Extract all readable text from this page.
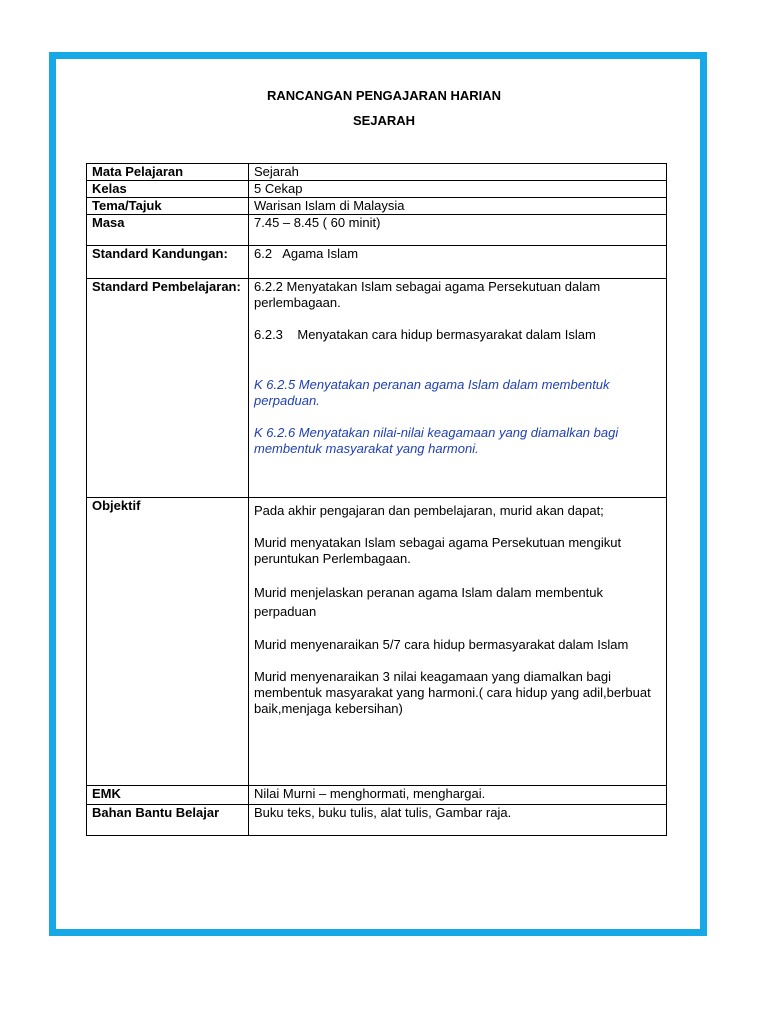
RANCANGAN PENGAJARAN HARIAN
SEJARAH
Mata Pelajaran	Sejarah
Kelas	5 Cekap
Tema/Tajuk	Warisan Islam di Malaysia
Masa	7.45 – 8.45 ( 60 minit)
Standard Kandungan:	6.2   Agama Islam
Standard Pembelajaran:	6.2.2 Menyatakan Islam sebagai agama Persekutuan dalam perlembagaan.
6.2.3    Menyatakan cara hidup bermasyarakat dalam Islam
K 6.2.5 Menyatakan peranan agama Islam dalam membentuk perpaduan.
K 6.2.6 Menyatakan nilai-nilai keagamaan yang diamalkan bagi membentuk masyarakat yang harmoni.

Objektif	Pada akhir pengajaran dan pembelajaran, murid akan dapat;
Murid menyatakan Islam sebagai agama Persekutuan mengikut peruntukan Perlembagaan.
Murid menjelaskan peranan agama Islam dalam membentuk perpaduan
Murid menyenaraikan 5/7 cara hidup bermasyarakat dalam Islam
Murid menyenaraikan 3 nilai keagamaan yang diamalkan bagi membentuk masyarakat yang harmoni.( cara hidup yang adil,berbuat baik,menjaga kebersihan)

EMK	Nilai Murni – menghormati, menghargai.
Bahan Bantu Belajar	Buku teks, buku tulis, alat tulis, Gambar raja.
